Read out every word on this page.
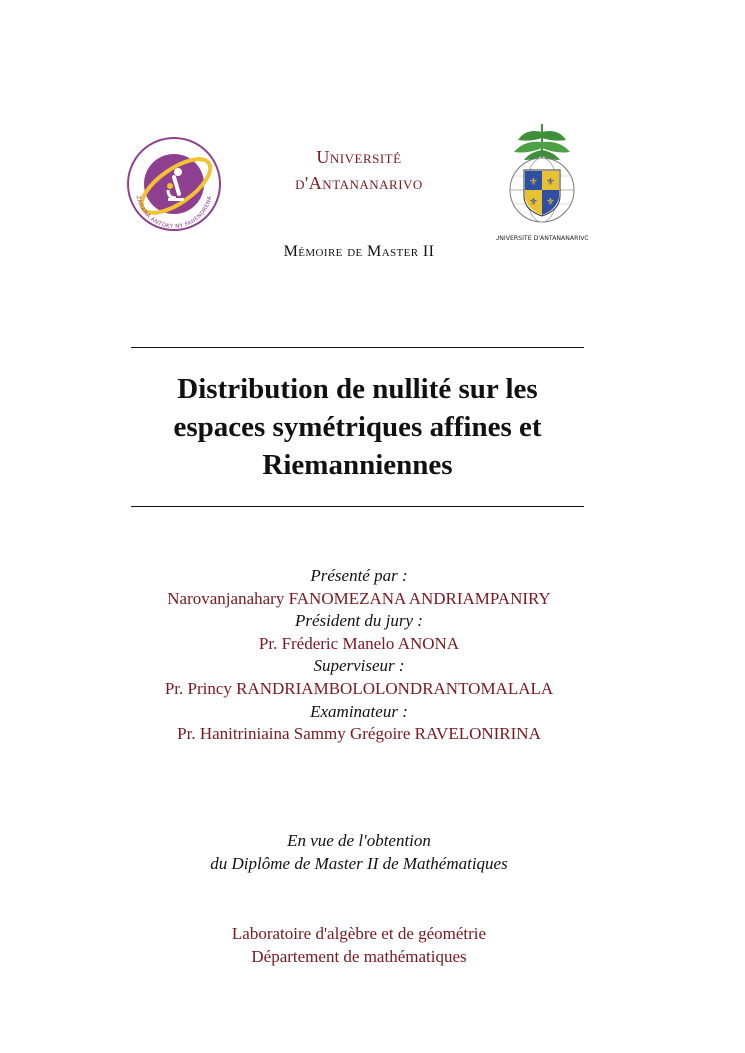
ZAHANA ANTOKY NY FAHENDRENA
Université
d'Antananarivo	⚜ ⚜
⚜ ⚜
UNIVERSITE D'ANTANANARIVO
Mémoire de Master II
Distribution de nullité sur les
espaces symétriques affines et
Riemanniennes
Présenté par :
Narovanjanahary FANOMEZANA ANDRIAMPANIRY
Président du jury :
Pr. Fréderic Manelo ANONA
Superviseur :
Pr. Princy RANDRIAMBOLOLONDRANTOMALALA
Examinateur :
Pr. Hanitriniaina Sammy Grégoire RAVELONIRINA
En vue de l'obtention
du Diplôme de Master II de Mathématiques
Laboratoire d'algèbre et de géométrie
Département de mathématiques
